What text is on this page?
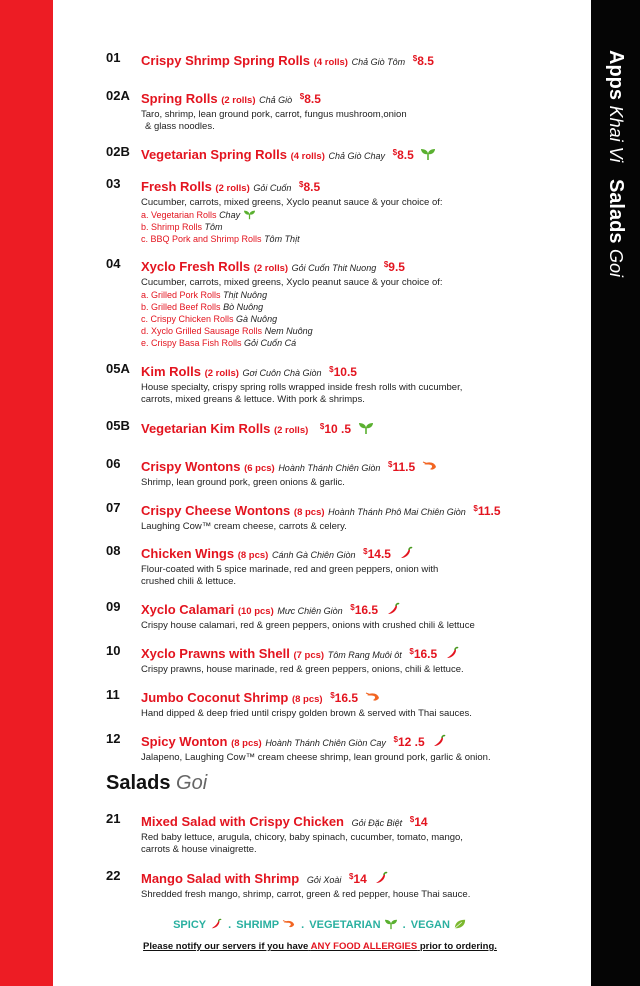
Apps Khai Vi   Salads Goi
01 Crispy Shrimp Spring Rolls (4 rolls) Chả Giò Tôm $8.5
02A Spring Rolls (2 rolls) Chả Giò $8.5
Taro, shrimp, lean ground pork, carrot, fungus mushroom,onion
& glass noodles.
02B Vegetarian Spring Rolls (4 rolls) Chả Giò Chay $8.5
03 Fresh Rolls (2 rolls) Gỏi Cuốn $8.5
Cucumber, carrots, mixed greens, Xyclo peanut sauce & your choice of:
a. Vegetarian Rolls Chay
b. Shrimp Rolls Tôm
c. BBQ Pork and Shrimp Rolls Tôm Thịt
04 Xyclo Fresh Rolls (2 rolls) Gỏi Cuốn Thit Nuong $9.5
Cucumber, carrots, mixed greens, Xyclo peanut sauce & your choice of:
a. Grilled Pork Rolls Thịt Nuông
b. Grilled Beef Rolls Bò Nuông
c. Crispy Chicken Rolls Gà Nuông
d. Xyclo Grilled Sausage Rolls Nem Nuông
e. Crispy Basa Fish Rolls Gỏi Cuốn Cá
05A Kim Rolls (2 rolls) Gơi Cuôn Chà Giòn $10.5
House specialty, crispy spring rolls wrapped inside fresh rolls with cucumber,
carrots, mixed greans & lettuce. With pork & shrimps.
05B Vegetarian Kim Rolls (2 rolls) $10 .5
06 Crispy Wontons (6 pcs) Hoành Thánh Chiên Giòn $11.5
Shrimp, lean ground pork, green onions & garlic.
07 Crispy Cheese Wontons (8 pcs) Hoành Thánh Phô Mai Chiên Giòn $11.5
Laughing Cow™ cream cheese, carrots & celery.
08 Chicken Wings (8 pcs) Cánh Gà Chiên Giòn $14.5
Flour-coated with 5 spice marinade, red and green peppers, onion with
crushed chili & lettuce.
09 Xyclo Calamari (10 pcs) Mưc Chiên Giòn $16.5
Crispy house calamari, red & green peppers, onions with crushed chili & lettuce
10 Xyclo Prawns with Shell (7 pcs) Tôm Rang Muôi ôt $16.5
Crispy prawns, house marinade, red & green peppers, onions, chili & lettuce.
11 Jumbo Coconut Shrimp (8 pcs) $16.5
Hand dipped & deep fried until crispy golden brown & served with Thai sauces.
12 Spicy Wonton (8 pcs) Hoành Thánh Chiên Giòn Cay $12 .5
Jalapeno, Laughing Cow™ cream cheese shrimp, lean ground pork, garlic & onion.
Salads Goi
21 Mixed Salad with Crispy Chicken Gỏi Đặc Biệt $14
Red baby lettuce, arugula, chicory, baby spinach, cucumber, tomato, mango,
carrots & house vinaigrette.
22 Mango Salad with Shrimp Gỏi Xoài $14
Shredded fresh mango, shrimp, carrot, green & red pepper, house Thai sauce.
SPICY . SHRIMP . VEGETARIAN . VEGAN
Please notify our servers if you have ANY FOOD ALLERGIES prior to ordering.
